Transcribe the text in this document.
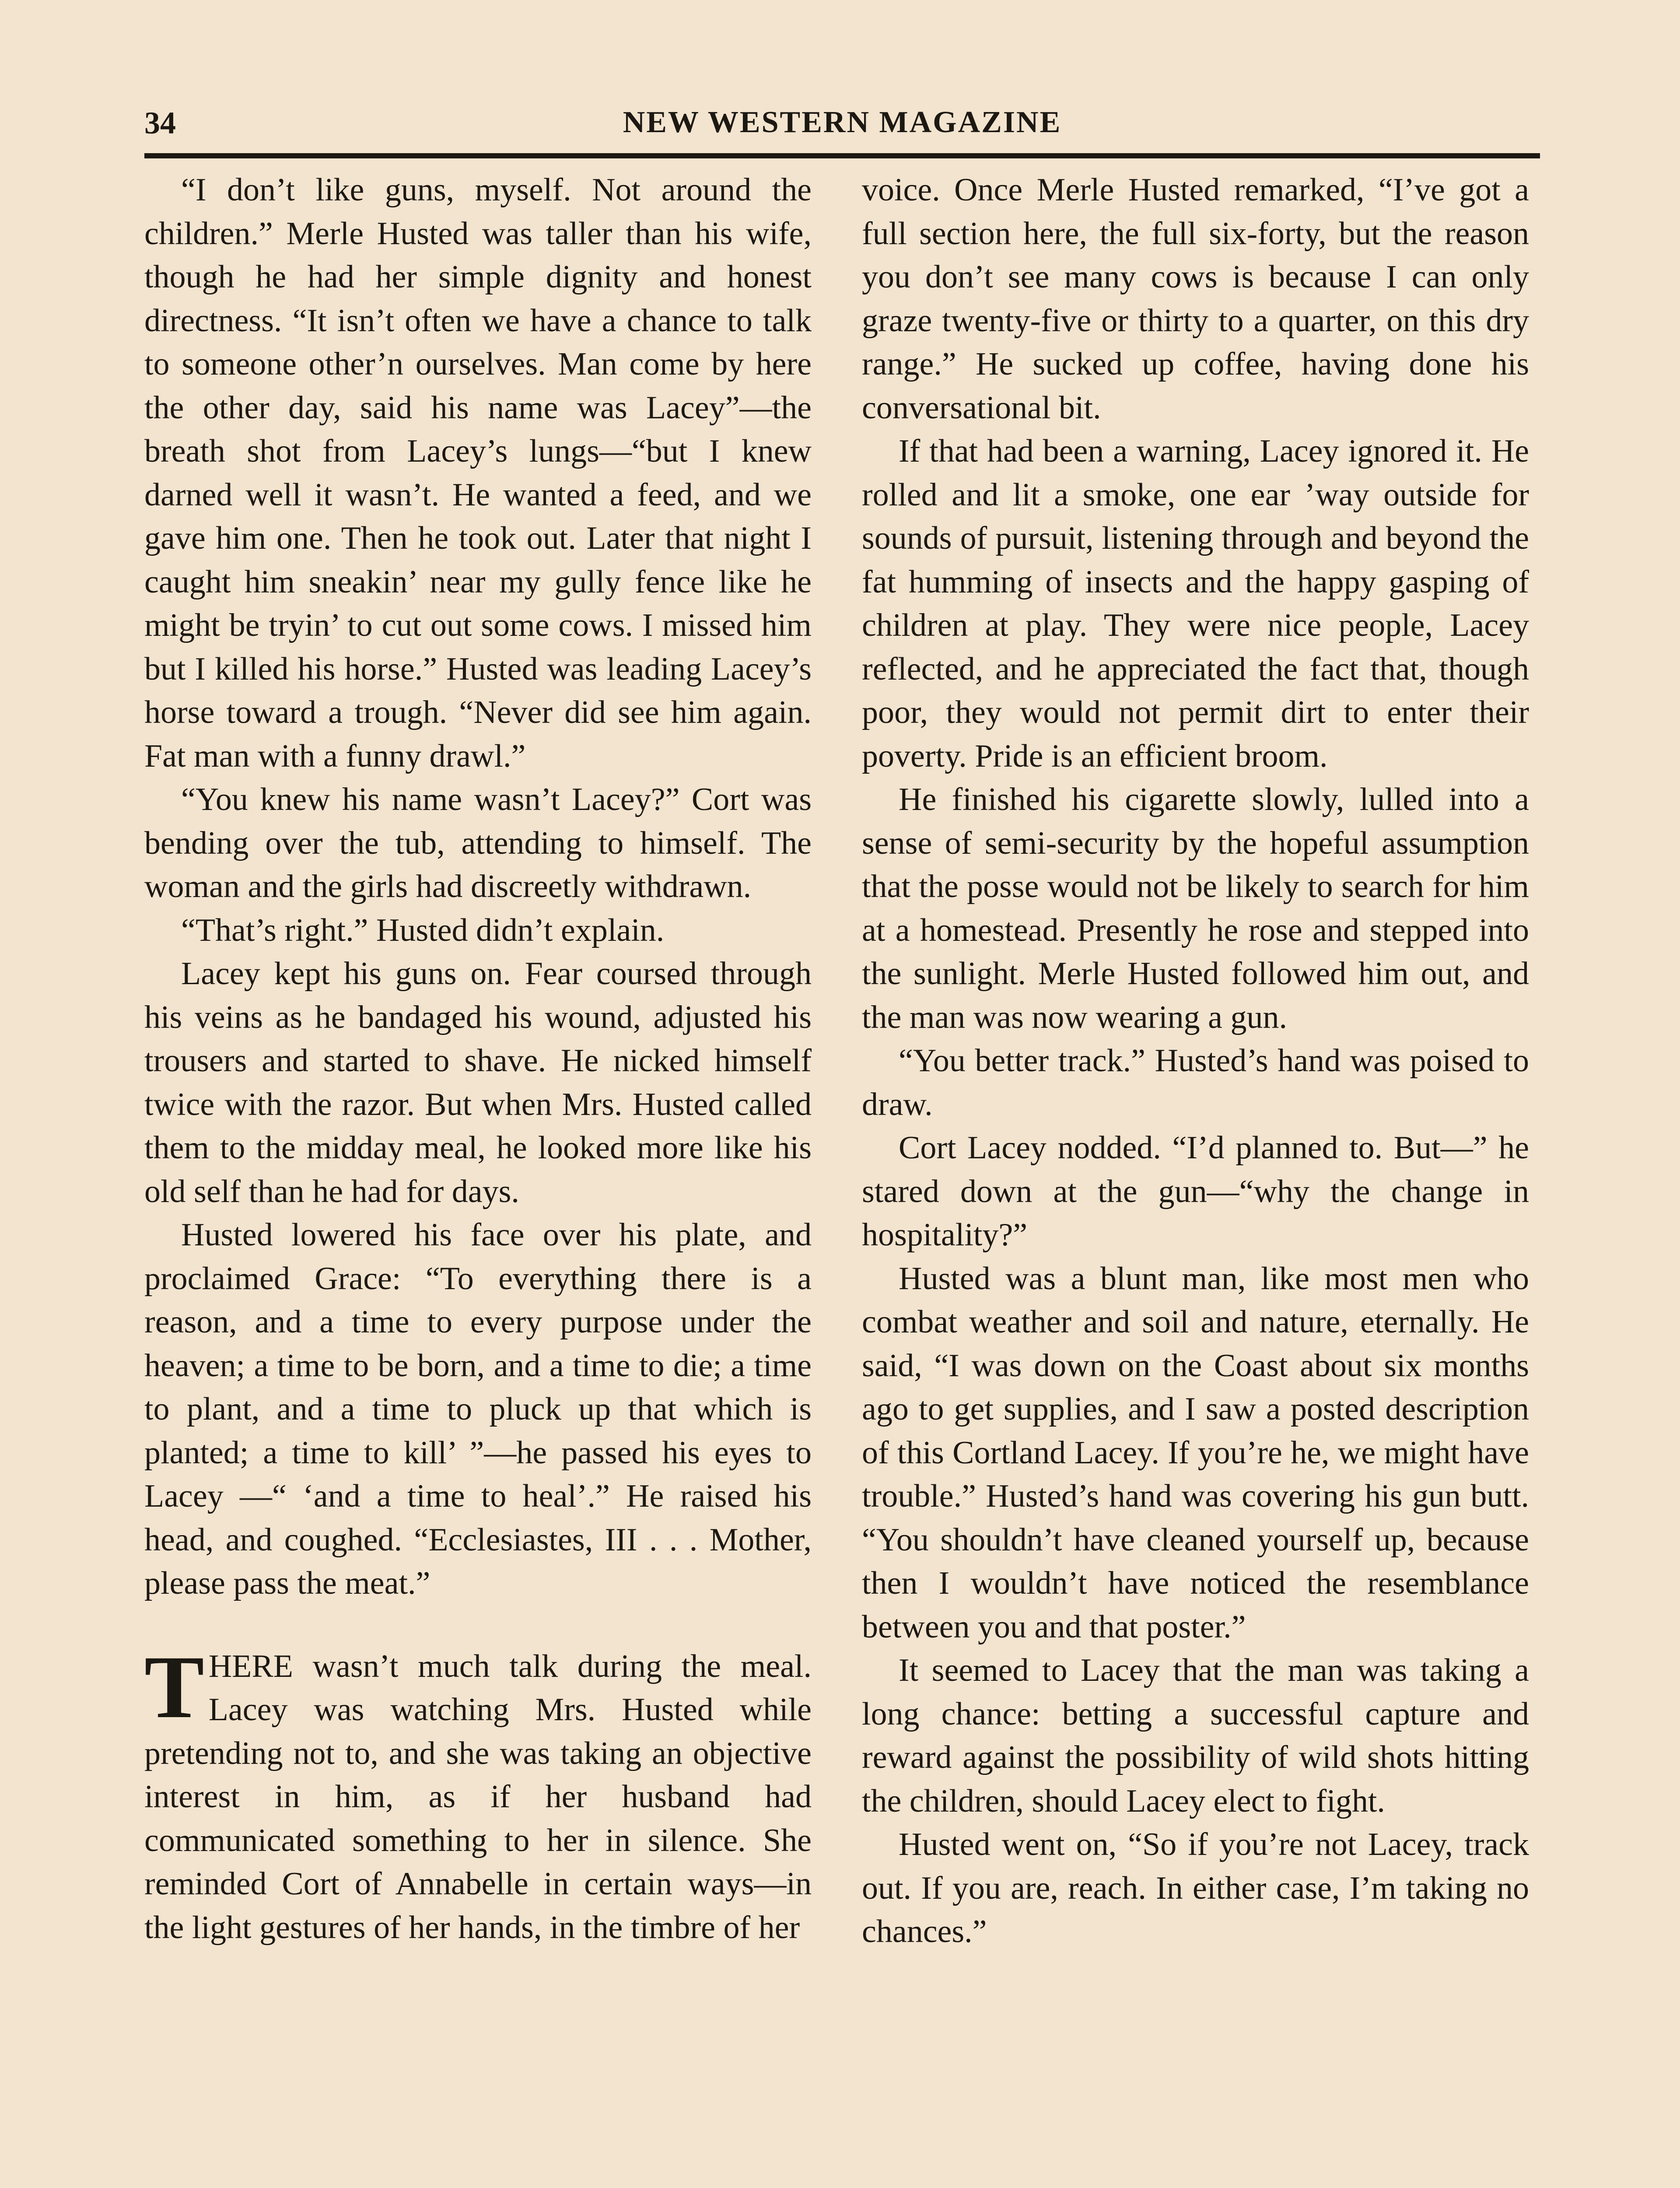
34	NEW WESTERN MAGAZINE

“I don’t like guns, myself. Not around the children.” Merle Husted was taller than his wife, though he had her simple dignity and honest directness. “It isn’t often we have a chance to talk to someone other’n ourselves. Man come by here the other day, said his name was Lacey”—the breath shot from Lacey’s lungs—“but I knew darned well it wasn’t. He wanted a feed, and we gave him one. Then he took out. Later that night I caught him sneakin’ near my gully fence like he might be tryin’ to cut out some cows. I missed him but I killed his horse.” Husted was leading Lacey’s horse toward a trough. “Never did see him again. Fat man with a funny drawl.”

“You knew his name wasn’t Lacey?” Cort was bending over the tub, attending to himself. The woman and the girls had discreetly withdrawn.

“That’s right.” Husted didn’t explain.

Lacey kept his guns on. Fear coursed through his veins as he bandaged his wound, adjusted his trousers and started to shave. He nicked himself twice with the razor. But when Mrs. Husted called them to the midday meal, he looked more like his old self than he had for days.

Husted lowered his face over his plate, and proclaimed Grace: “To everything there is a reason, and a time to every purpose under the heaven; a time to be born, and a time to die; a time to plant, and a time to pluck up that which is planted; a time to kill’ ”—he passed his eyes to Lacey —“ ‘and a time to heal’.” He raised his head, and coughed. “Ecclesiastes, III . . . Mother, please pass the meat.”

THERE wasn’t much talk during the meal. Lacey was watching Mrs. Husted while pretending not to, and she was taking an objective interest in him, as if her husband had communicated something to her in silence. She reminded Cort of Annabelle in certain ways—in the light gestures of her hands, in the timbre of her

voice. Once Merle Husted remarked, “I’ve got a full section here, the full six-forty, but the reason you don’t see many cows is because I can only graze twenty-five or thirty to a quarter, on this dry range.” He sucked up coffee, having done his conversational bit.

If that had been a warning, Lacey ignored it. He rolled and lit a smoke, one ear ’way outside for sounds of pursuit, listening through and beyond the fat humming of insects and the happy gasping of children at play. They were nice people, Lacey reflected, and he appreciated the fact that, though poor, they would not permit dirt to enter their poverty. Pride is an efficient broom.

He finished his cigarette slowly, lulled into a sense of semi-security by the hopeful assumption that the posse would not be likely to search for him at a homestead. Presently he rose and stepped into the sunlight. Merle Husted followed him out, and the man was now wearing a gun.

“You better track.” Husted’s hand was poised to draw.

Cort Lacey nodded. “I’d planned to. But—” he stared down at the gun—“why the change in hospitality?”

Husted was a blunt man, like most men who combat weather and soil and nature, eternally. He said, “I was down on the Coast about six months ago to get supplies, and I saw a posted description of this Cortland Lacey. If you’re he, we might have trouble.” Husted’s hand was covering his gun butt. “You shouldn’t have cleaned yourself up, because then I wouldn’t have noticed the resemblance between you and that poster.”

It seemed to Lacey that the man was taking a long chance: betting a successful capture and reward against the possibility of wild shots hitting the children, should Lacey elect to fight.

Husted went on, “So if you’re not Lacey, track out. If you are, reach. In either case, I’m taking no chances.”
